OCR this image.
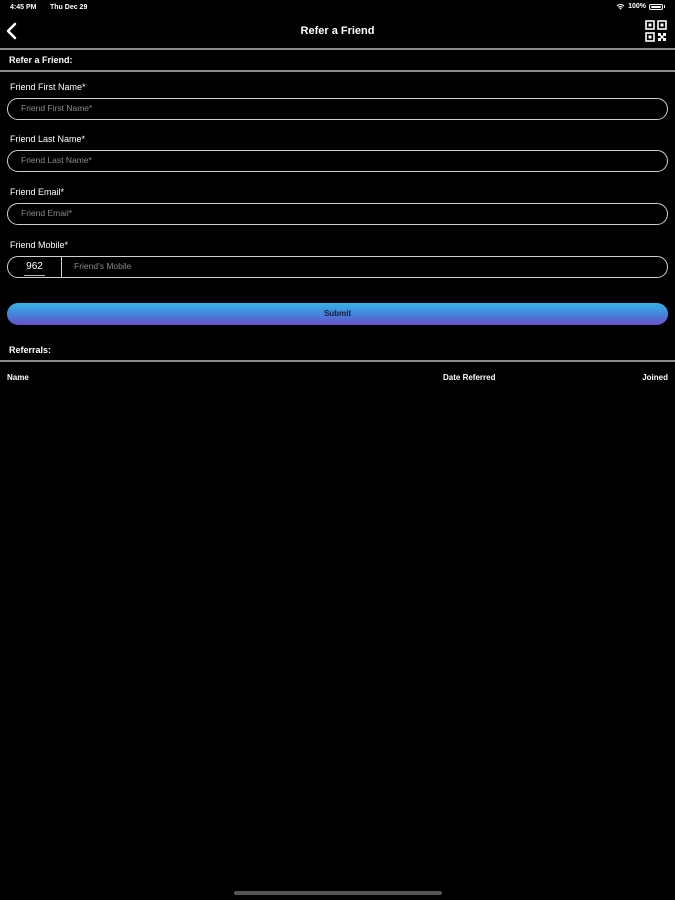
4:45 PM Thu Dec 29	100%
Refer a Friend
Refer a Friend:
Friend First Name*
Friend First Name*
Friend Last Name*
Friend Last Name*
Friend Email*
Friend Email*
Friend Mobile*
962	Friend's Mobile
Submit
Referrals:
Name	Date Referred	Joined
